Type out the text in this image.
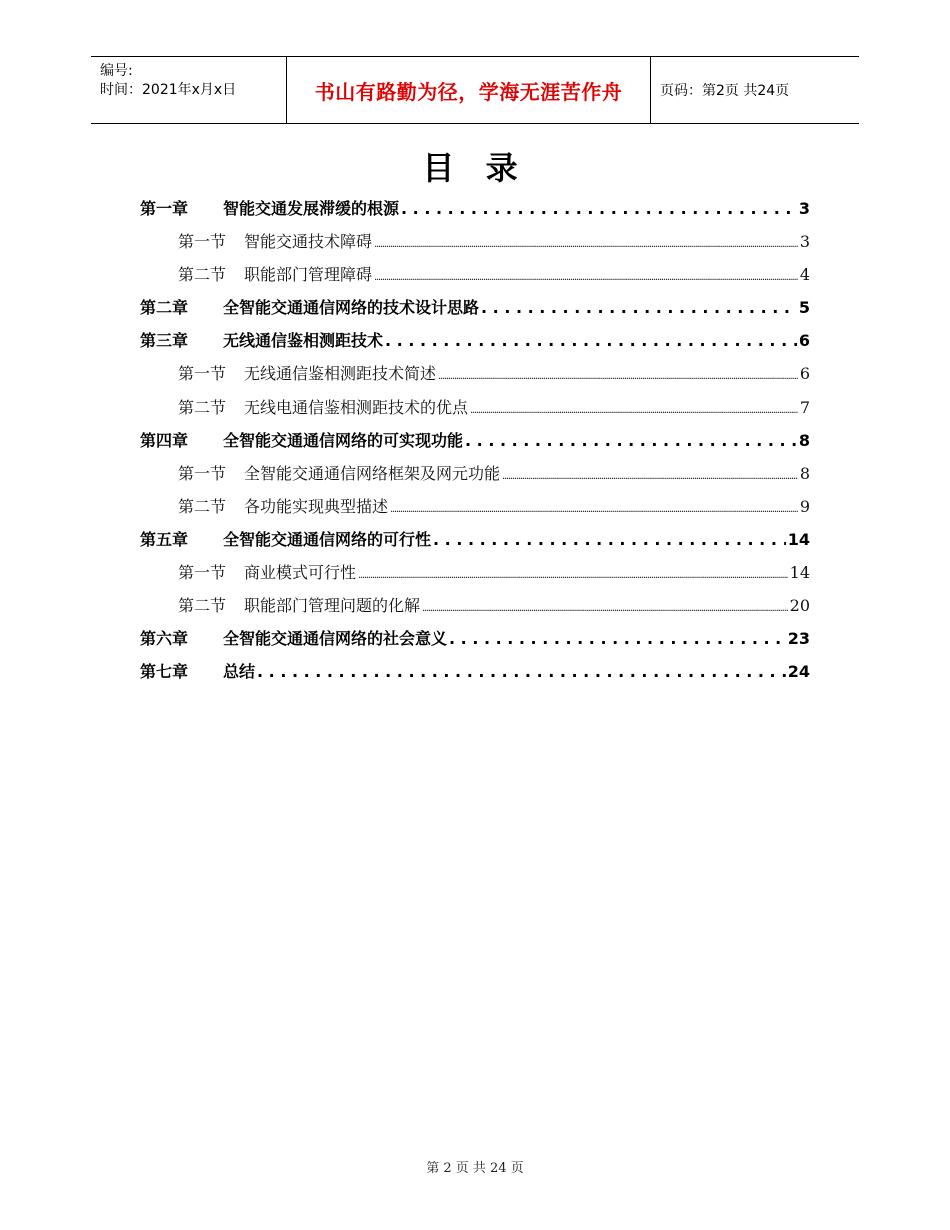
编号:
时间：2021年x月x日	书山有路勤为径，学海无涯苦作舟	页码：第2页 共24页
目 录
第一章	智能交通发展滞缓的根源 . . .	3
第一节	智能交通技术障碍 .....	3
第二节	职能部门管理障碍 .....	4
第二章	全智能交通通信网络的技术设计思路 . . .	5
第三章	无线通信鉴相测距技术 . . .	6
第一节	无线通信鉴相测距技术简述 .....	6
第二节	无线电通信鉴相测距技术的优点 .....	7
第四章	全智能交通通信网络的可实现功能 . . .	8
第一节	全智能交通通信网络框架及网元功能 .....	8
第二节	各功能实现典型描述 .....	9
第五章	全智能交通通信网络的可行性 . . .	14
第一节	商业模式可行性 .....	14
第二节	职能部门管理问题的化解 .....	20
第六章	全智能交通通信网络的社会意义 . . .	23
第七章	总结 . . .	24
第 2 页 共 24 页
